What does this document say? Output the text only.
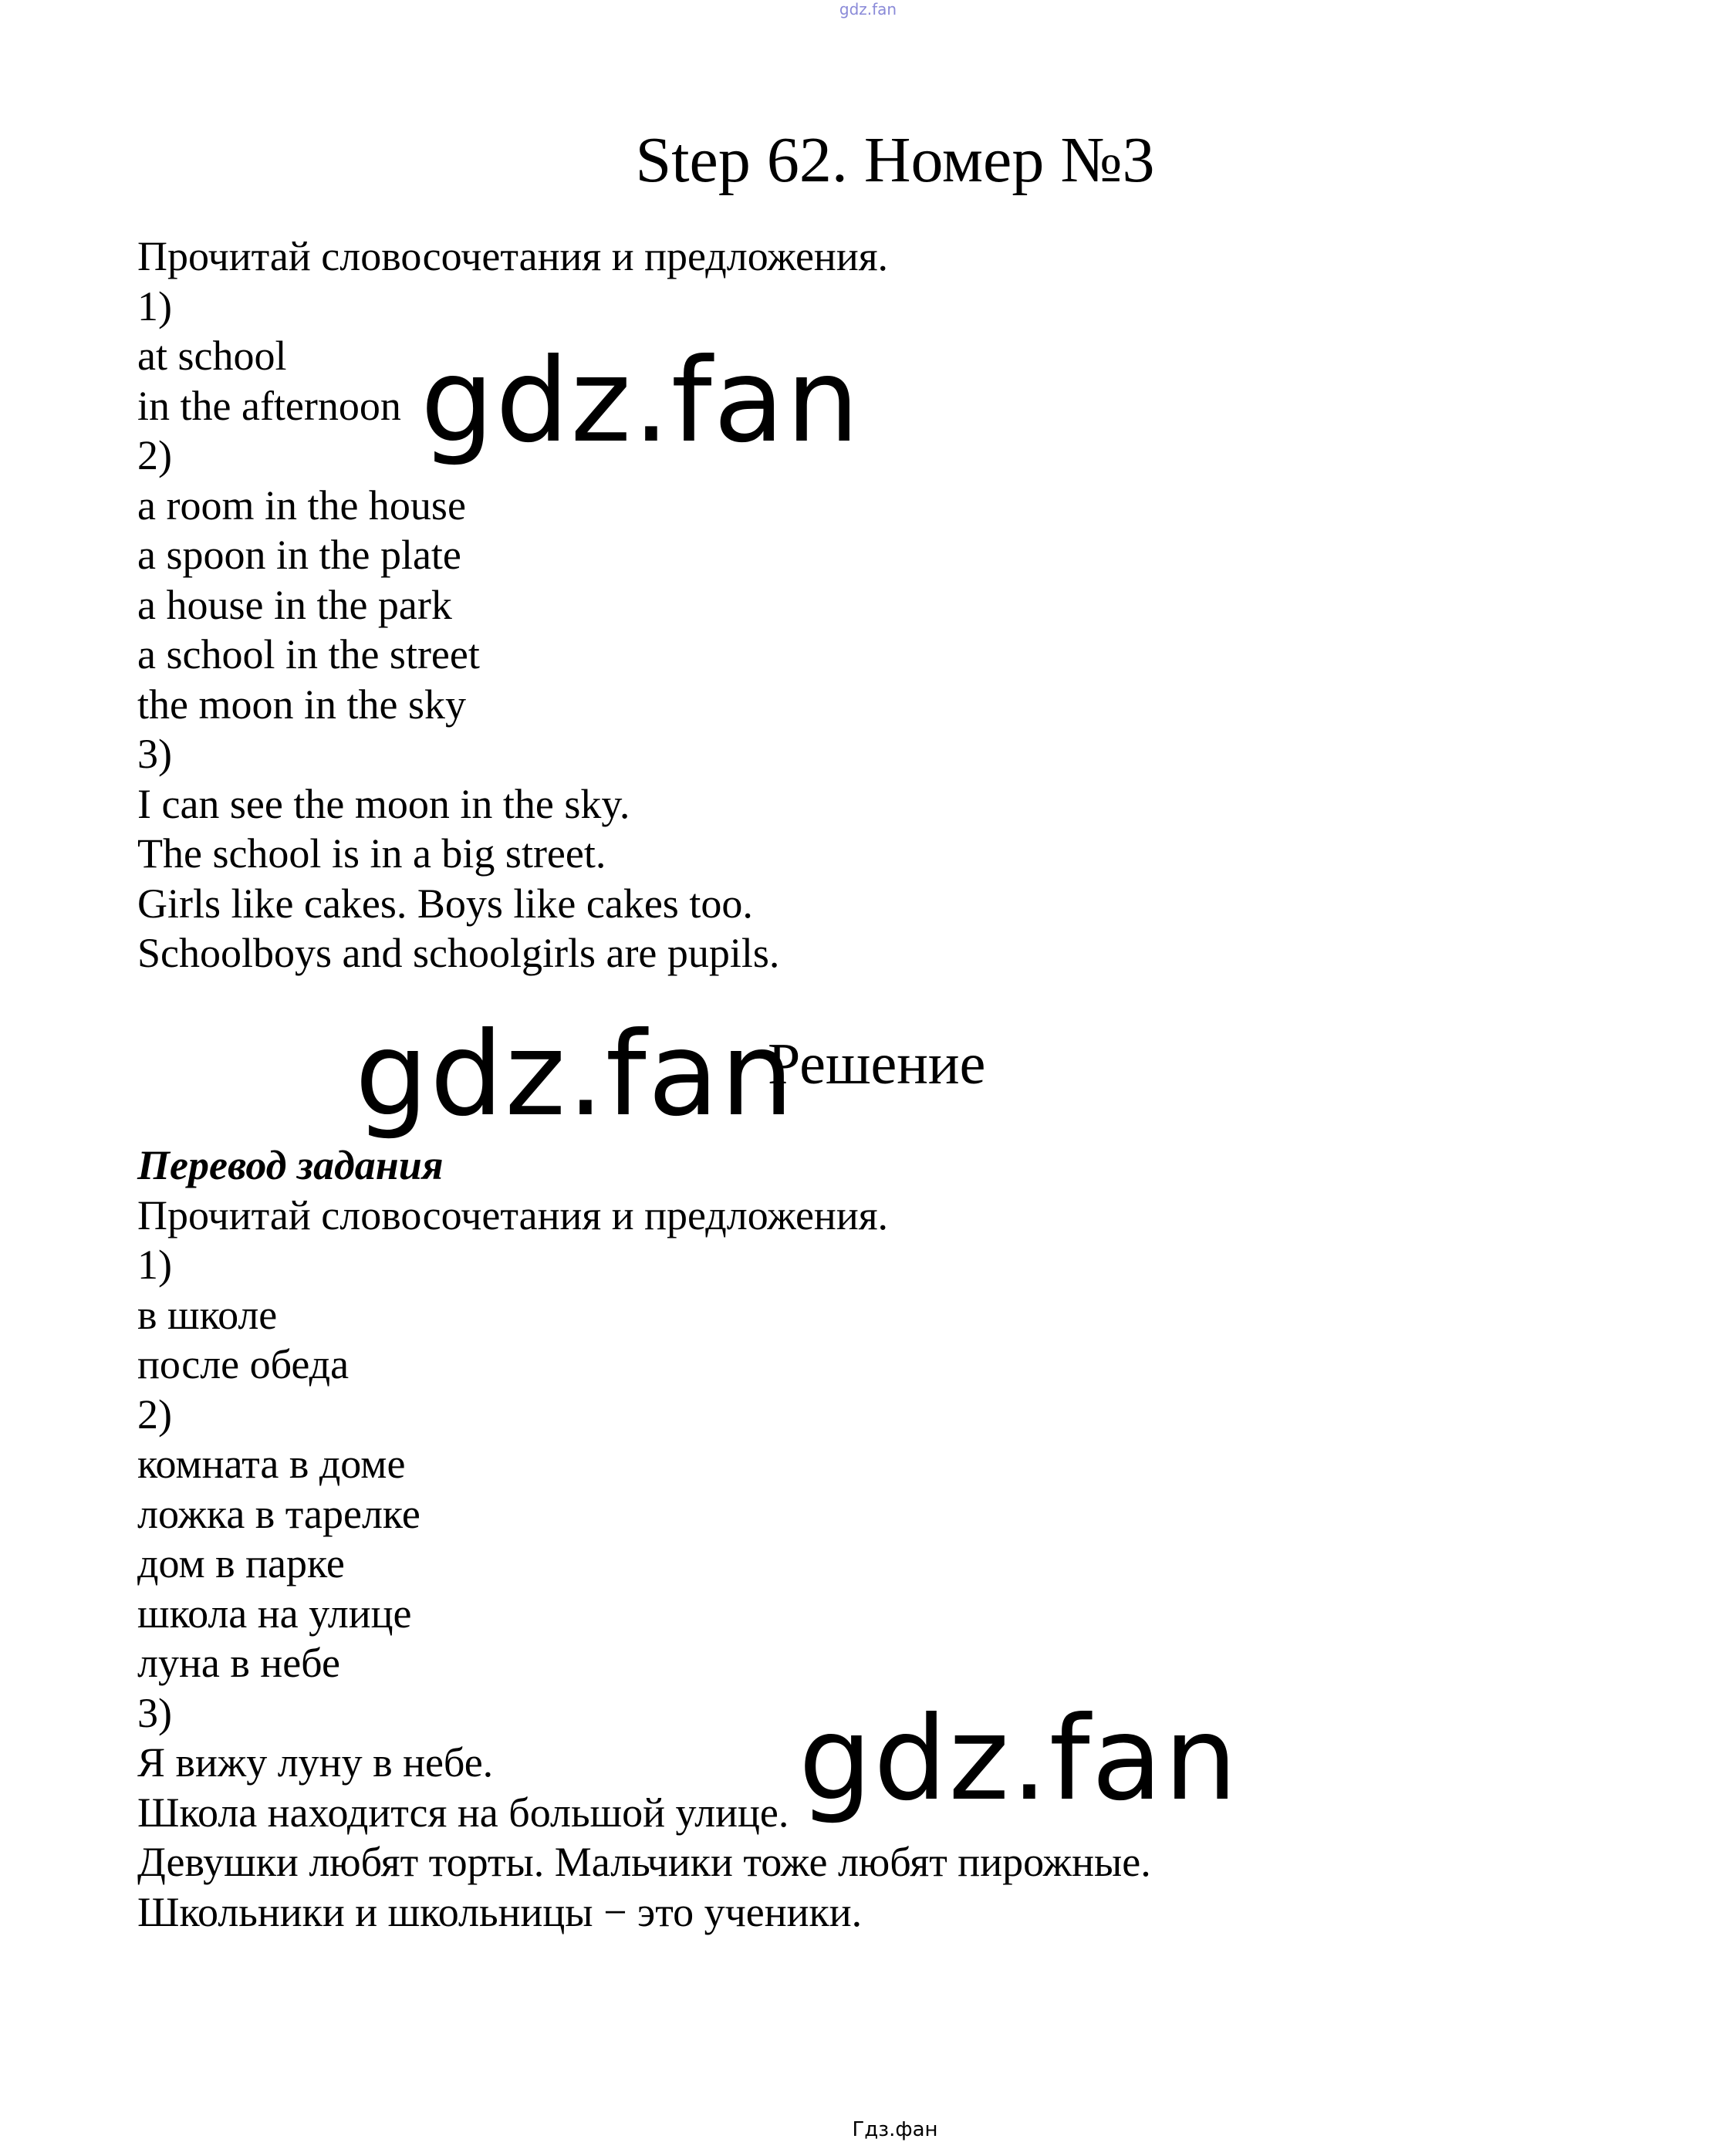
gdz.fan
Step 62. Номер №3
Прочитай словосочетания и предложения.
1)
at school
in the afternoon
2)
a room in the house
a spoon in the plate
a house in the park
a school in the street
the moon in the sky
3)
I can see the moon in the sky.
The school is in a big street.
Girls like cakes. Boys like cakes too.
Schoolboys and schoolgirls are pupils.
Решение
Перевод задания
Прочитай словосочетания и предложения.
1)
в школе
после обеда
2)
комната в доме
ложка в тарелке
дом в парке
школа на улице
луна в небе
3)
Я вижу луну в небе.
Школа находится на большой улице.
Девушки любят торты. Мальчики тоже любят пирожные.
Школьники и школьницы − это ученики.
gdz.fan
gdz.fan
gdz.fan
Гдз.фан
